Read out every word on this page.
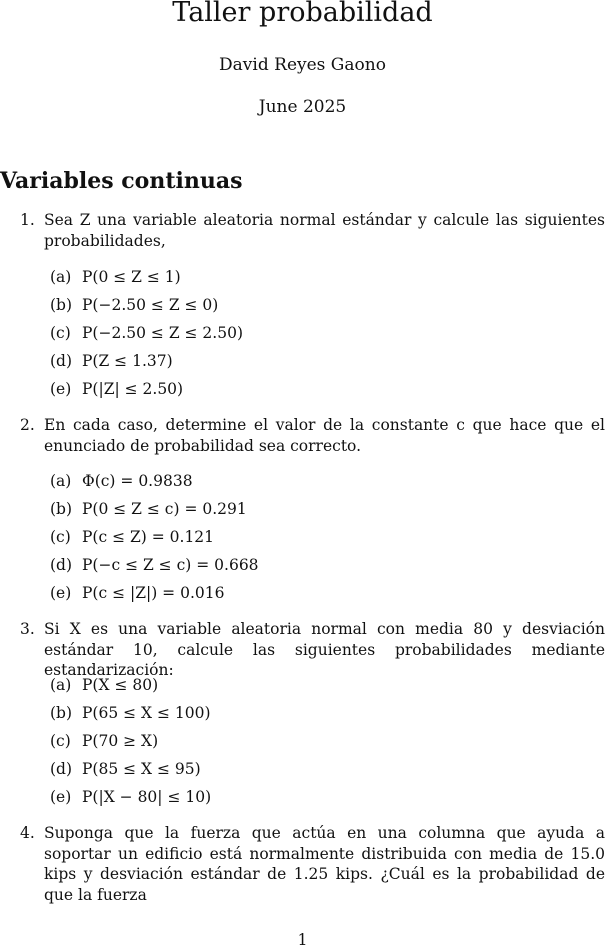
Taller probabilidad
David Reyes Gaono
June 2025
Variables continuas
1. Sea Z una variable aleatoria normal estándar y calcule las siguientes probabilidades,
(a) P(0 ≤ Z ≤ 1)
(b) P(−2.50 ≤ Z ≤ 0)
(c) P(−2.50 ≤ Z ≤ 2.50)
(d) P(Z ≤ 1.37)
(e) P(|Z| ≤ 2.50)
2. En cada caso, determine el valor de la constante c que hace que el enunciado de probabilidad sea correcto.
(a) Φ(c) = 0.9838
(b) P(0 ≤ Z ≤ c) = 0.291
(c) P(c ≤ Z) = 0.121
(d) P(−c ≤ Z ≤ c) = 0.668
(e) P(c ≤ |Z|) = 0.016
3. Si X es una variable aleatoria normal con media 80 y desviación estándar 10, calcule las siguientes probabilidades mediante estandarización:
(a) P(X ≤ 80)
(b) P(65 ≤ X ≤ 100)
(c) P(70 ≥ X)
(d) P(85 ≤ X ≤ 95)
(e) P(|X − 80| ≤ 10)
4. Suponga que la fuerza que actúa en una columna que ayuda a soportar un edificio está normalmente distribuida con media de 15.0 kips y desviación estándar de 1.25 kips. ¿Cuál es la probabilidad de que la fuerza
1
